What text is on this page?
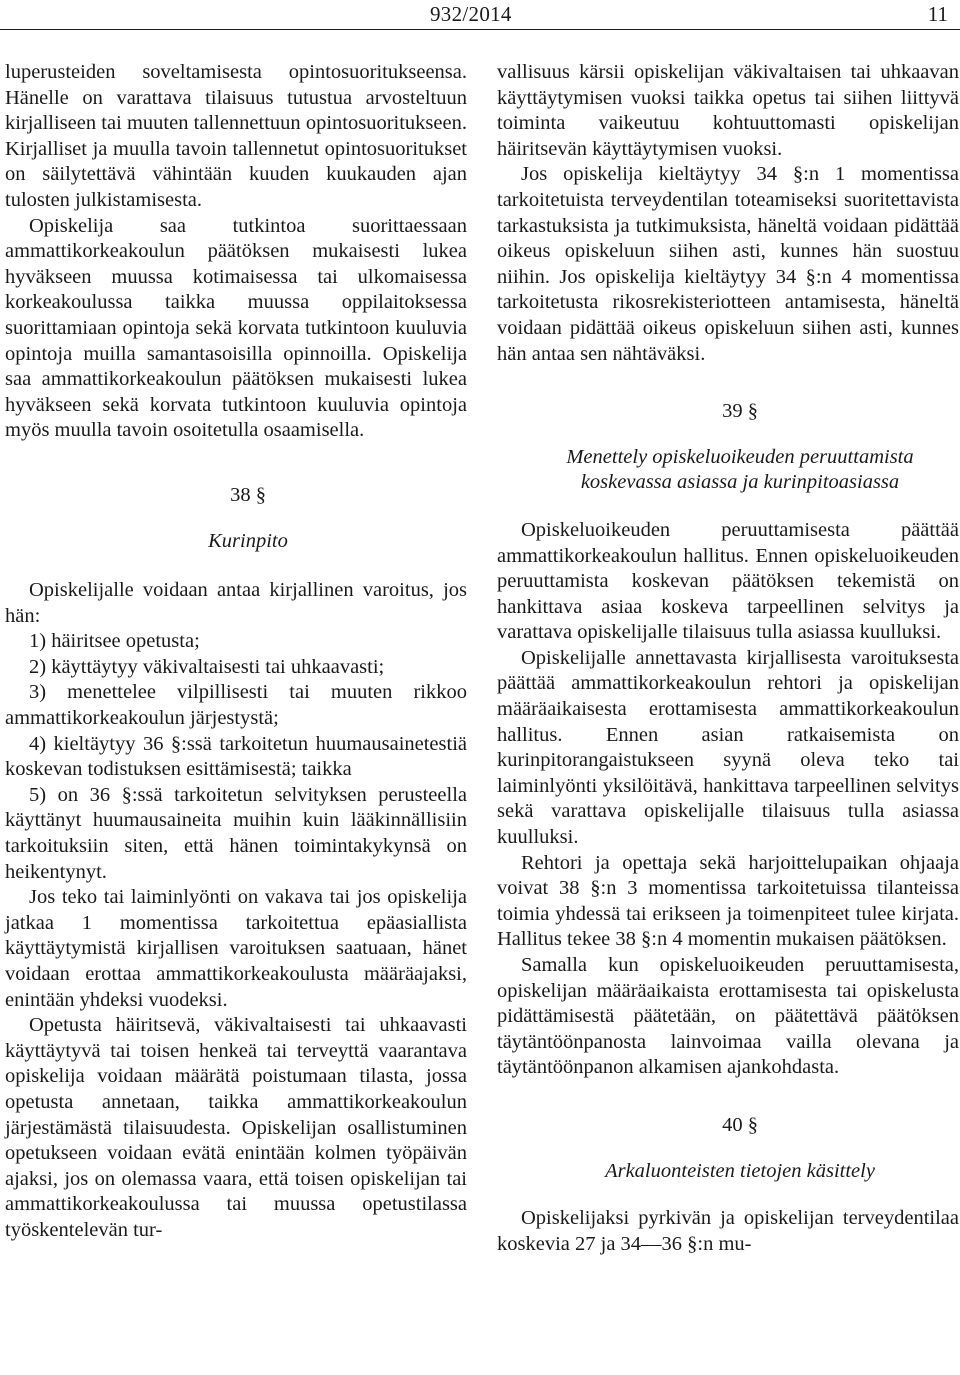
932/2014	11

luperusteiden soveltamisesta opintosuoritukseensa. Hänelle on varattava tilaisuus tutustua arvosteltuun kirjalliseen tai muuten tallennettuun opintosuoritukseen. Kirjalliset ja muulla tavoin tallennetut opintosuoritukset on säilytettävä vähintään kuuden kuukauden ajan tulosten julkistamisesta.

Opiskelija saa tutkintoa suorittaessaan ammattikorkeakoulun päätöksen mukaisesti lukea hyväkseen muussa kotimaisessa tai ulkomaisessa korkeakoulussa taikka muussa oppilaitoksessa suorittamiaan opintoja sekä korvata tutkintoon kuuluvia opintoja muilla samantasoisilla opinnoilla. Opiskelija saa ammattikorkeakoulun päätöksen mukaisesti lukea hyväkseen sekä korvata tutkintoon kuuluvia opintoja myös muulla tavoin osoitetulla osaamisella.

38 §

Kurinpito

Opiskelijalle voidaan antaa kirjallinen varoitus, jos hän:

1) häiritsee opetusta;

2) käyttäytyy väkivaltaisesti tai uhkaavasti;

3) menettelee vilpillisesti tai muuten rikkoo ammattikorkeakoulun järjestystä;

4) kieltäytyy 36 §:ssä tarkoitetun huumausainetestiä koskevan todistuksen esittämisestä; taikka

5) on 36 §:ssä tarkoitetun selvityksen perusteella käyttänyt huumausaineita muihin kuin lääkinnällisiin tarkoituksiin siten, että hänen toimintakykynsä on heikentynyt.

Jos teko tai laiminlyönti on vakava tai jos opiskelija jatkaa 1 momentissa tarkoitettua epäasiallista käyttäytymistä kirjallisen varoituksen saatuaan, hänet voidaan erottaa ammattikorkeakoulusta määräajaksi, enintään yhdeksi vuodeksi.

Opetusta häiritsevä, väkivaltaisesti tai uhkaavasti käyttäytyvä tai toisen henkeä tai terveyttä vaarantava opiskelija voidaan määrätä poistumaan tilasta, jossa opetusta annetaan, taikka ammattikorkeakoulun järjestämästä tilaisuudesta. Opiskelijan osallistuminen opetukseen voidaan evätä enintään kolmen työpäivän ajaksi, jos on olemassa vaara, että toisen opiskelijan tai ammattikorkeakoulussa tai muussa opetustilassa työskentelevän tur-

vallisuus kärsii opiskelijan väkivaltaisen tai uhkaavan käyttäytymisen vuoksi taikka opetus tai siihen liittyvä toiminta vaikeutuu kohtuuttomasti opiskelijan häiritsevän käyttäytymisen vuoksi.

Jos opiskelija kieltäytyy 34 §:n 1 momentissa tarkoitetuista terveydentilan toteamiseksi suoritettavista tarkastuksista ja tutkimuksista, häneltä voidaan pidättää oikeus opiskeluun siihen asti, kunnes hän suostuu niihin. Jos opiskelija kieltäytyy 34 §:n 4 momentissa tarkoitetusta rikosrekisteriotteen antamisesta, häneltä voidaan pidättää oikeus opiskeluun siihen asti, kunnes hän antaa sen nähtäväksi.

39 §

Menettely opiskeluoikeuden peruuttamista

koskevassa asiassa ja kurinpitoasiassa

Opiskeluoikeuden peruuttamisesta päättää ammattikorkeakoulun hallitus. Ennen opiskeluoikeuden peruuttamista koskevan päätöksen tekemistä on hankittava asiaa koskeva tarpeellinen selvitys ja varattava opiskelijalle tilaisuus tulla asiassa kuulluksi.

Opiskelijalle annettavasta kirjallisesta varoituksesta päättää ammattikorkeakoulun rehtori ja opiskelijan määräaikaisesta erottamisesta ammattikorkeakoulun hallitus. Ennen asian ratkaisemista on kurinpitorangaistukseen syynä oleva teko tai laiminlyönti yksilöitävä, hankittava tarpeellinen selvitys sekä varattava opiskelijalle tilaisuus tulla asiassa kuulluksi.

Rehtori ja opettaja sekä harjoittelupaikan ohjaaja voivat 38 §:n 3 momentissa tarkoitetuissa tilanteissa toimia yhdessä tai erikseen ja toimenpiteet tulee kirjata. Hallitus tekee 38 §:n 4 momentin mukaisen päätöksen.

Samalla kun opiskeluoikeuden peruuttamisesta, opiskelijan määräaikaista erottamisesta tai opiskelusta pidättämisestä päätetään, on päätettävä päätöksen täytäntöönpanosta lainvoimaa vailla olevana ja täytäntöönpanon alkamisen ajankohdasta.

40 §

Arkaluonteisten tietojen käsittely

Opiskelijaksi pyrkivän ja opiskelijan terveydentilaa koskevia 27 ja 34—36 §:n mu-
